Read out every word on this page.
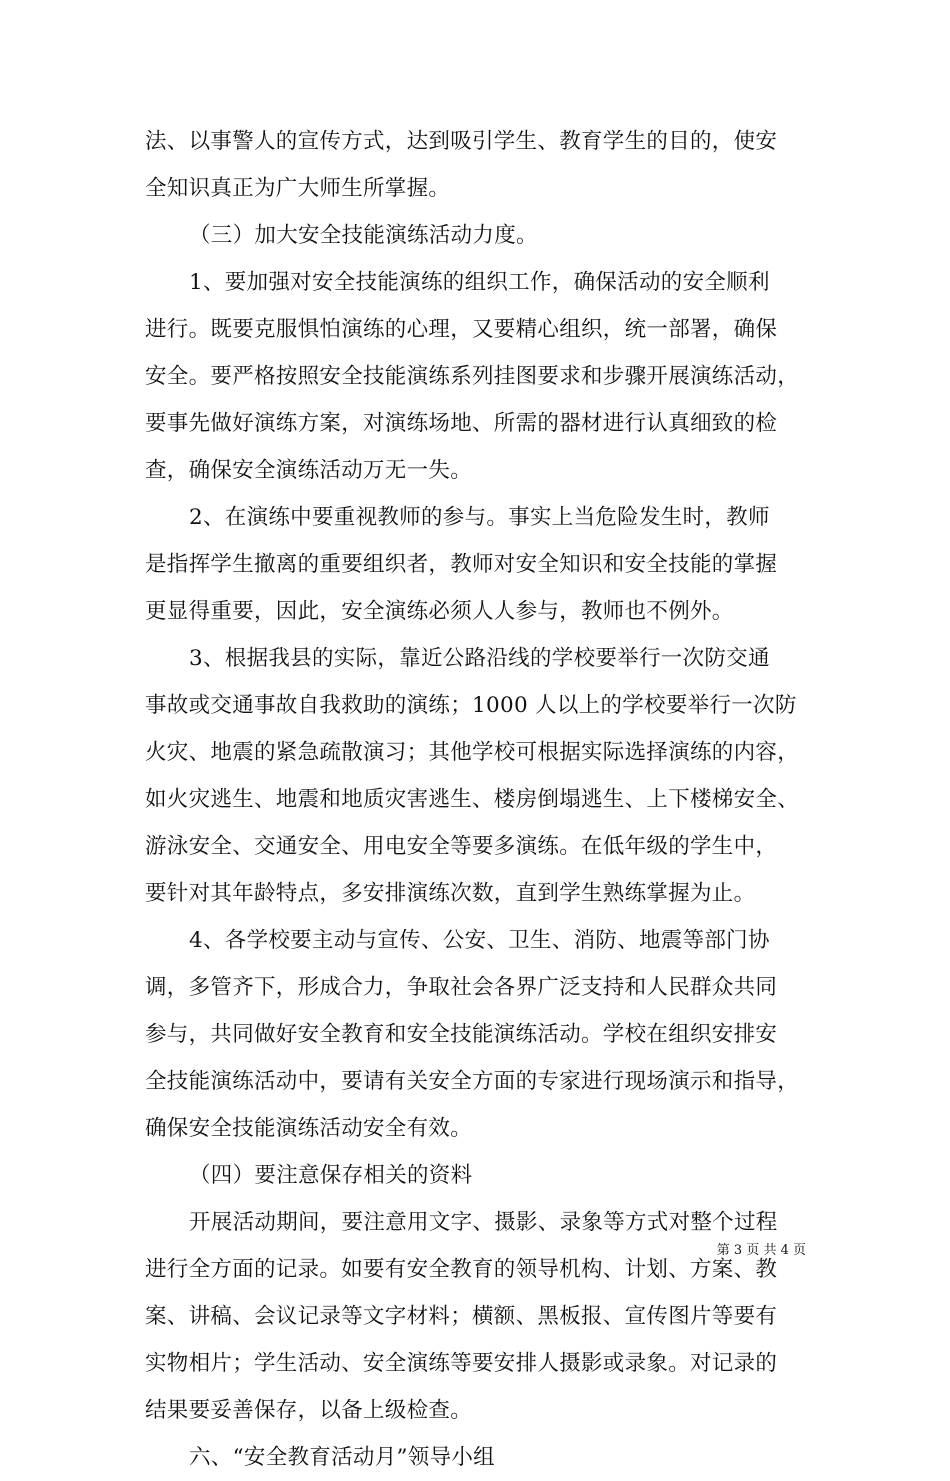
法、以事警人的宣传方式，达到吸引学生、教育学生的目的，使安
全知识真正为广大师生所掌握。
（三）加大安全技能演练活动力度。
1、要加强对安全技能演练的组织工作，确保活动的安全顺利
进行。既要克服惧怕演练的心理，又要精心组织，统一部署，确保
安全。要严格按照安全技能演练系列挂图要求和步骤开展演练活动，
要事先做好演练方案，对演练场地、所需的器材进行认真细致的检
查，确保安全演练活动万无一失。
2、在演练中要重视教师的参与。事实上当危险发生时，教师
是指挥学生撤离的重要组织者，教师对安全知识和安全技能的掌握
更显得重要，因此，安全演练必须人人参与，教师也不例外。
3、根据我县的实际，靠近公路沿线的学校要举行一次防交通
事故或交通事故自我救助的演练；1000 人以上的学校要举行一次防
火灾、地震的紧急疏散演习；其他学校可根据实际选择演练的内容，
如火灾逃生、地震和地质灾害逃生、楼房倒塌逃生、上下楼梯安全、
游泳安全、交通安全、用电安全等要多演练。在低年级的学生中，
要针对其年龄特点，多安排演练次数，直到学生熟练掌握为止。
4、各学校要主动与宣传、公安、卫生、消防、地震等部门协
调，多管齐下，形成合力，争取社会各界广泛支持和人民群众共同
参与，共同做好安全教育和安全技能演练活动。学校在组织安排安
全技能演练活动中，要请有关安全方面的专家进行现场演示和指导，
确保安全技能演练活动安全有效。
（四）要注意保存相关的资料
开展活动期间，要注意用文字、摄影、录象等方式对整个过程
进行全方面的记录。如要有安全教育的领导机构、计划、方案、教
案、讲稿、会议记录等文字材料；横额、黑板报、宣传图片等要有
实物相片；学生活动、安全演练等要安排人摄影或录象。对记录的
结果要妥善保存，以备上级检查。
六、“安全教育活动月”领导小组
第 3 页 共 4 页
